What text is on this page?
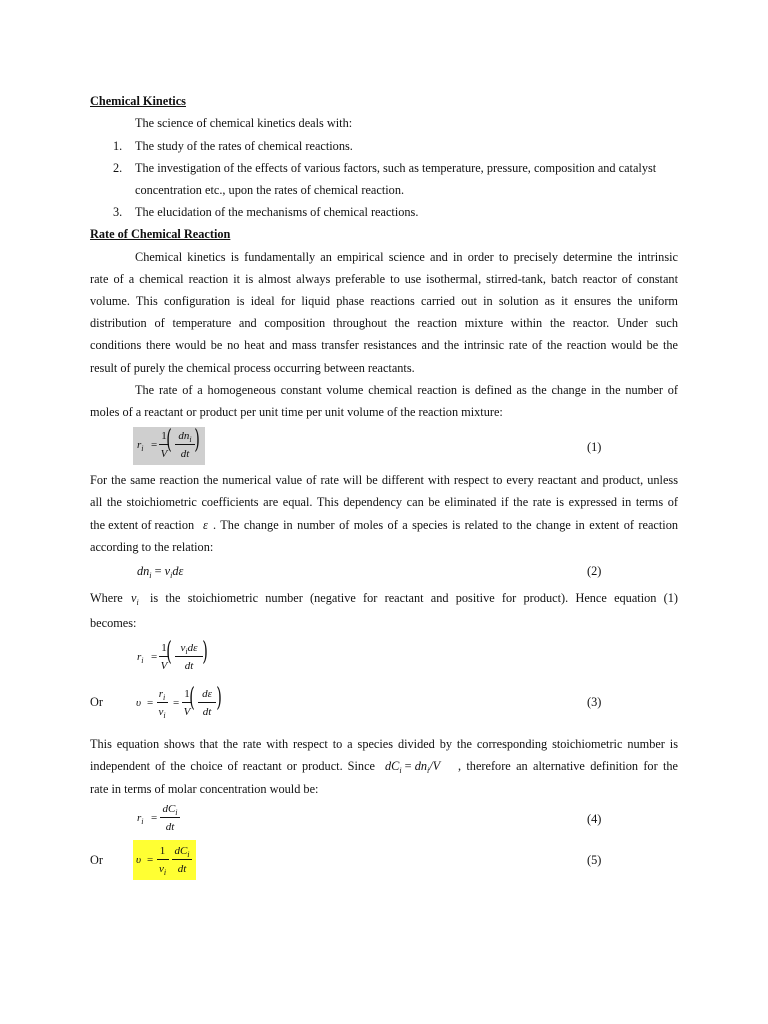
Chemical Kinetics
The science of chemical kinetics deals with:
1. The study of the rates of chemical reactions.
2. The investigation of the effects of various factors, such as temperature, pressure, composition and catalyst
concentration etc., upon the rates of chemical reaction.
3. The elucidation of the mechanisms of chemical reactions.
Rate of Chemical Reaction
Chemical kinetics is fundamentally an empirical science and in order to precisely determine the intrinsic
rate of a chemical reaction it is almost always preferable to use isothermal, stirred-tank, batch reactor of constant
volume. This configuration is ideal for liquid phase reactions carried out in solution as it ensures the uniform
distribution of temperature and composition throughout the reaction mixture within the reactor. Under such
conditions there would be no heat and mass transfer resistances and the intrinsic rate of the reaction would be the
result of purely the chemical process occurring between reactants.
The rate of a homogeneous constant volume chemical reaction is defined as the change in the number of
moles of a reactant or product per unit time per unit volume of the reaction mixture:
$r_i$ =
1
V
( $dn_i$
dt )	(1)
For the same reaction the numerical value of rate will be different with respect to every reactant and product, unless
all the stoichiometric coefficients are equal. This dependency can be eliminated if the rate is expressed in terms of
the extent of reaction ε . The change in number of moles of a species is related to the change in extent of reaction
according to the relation:
$dn_i = \nu_id\varepsilon$	(2)
Where $\nu_i$ is the stoichiometric number (negative for reactant and positive for product). Hence equation (1)
becomes:
$r_i$ =
1
V
( $\nu_id\varepsilon$
dt )
Or	υ =
$r_i$
$\nu_i$
=
1
V
( dε
dt )	(3)
This equation shows that the rate with respect to a species divided by the corresponding stoichiometric number is
independent of the choice of reactant or product. Since $dC_i = dn_i/V$ , therefore an alternative definition for the
rate in terms of molar concentration would be:
$r_i$ =
$dC_i$
dt
(4)
Or	υ =
1
$\nu_i$
$dC_i$
dt
(5)
